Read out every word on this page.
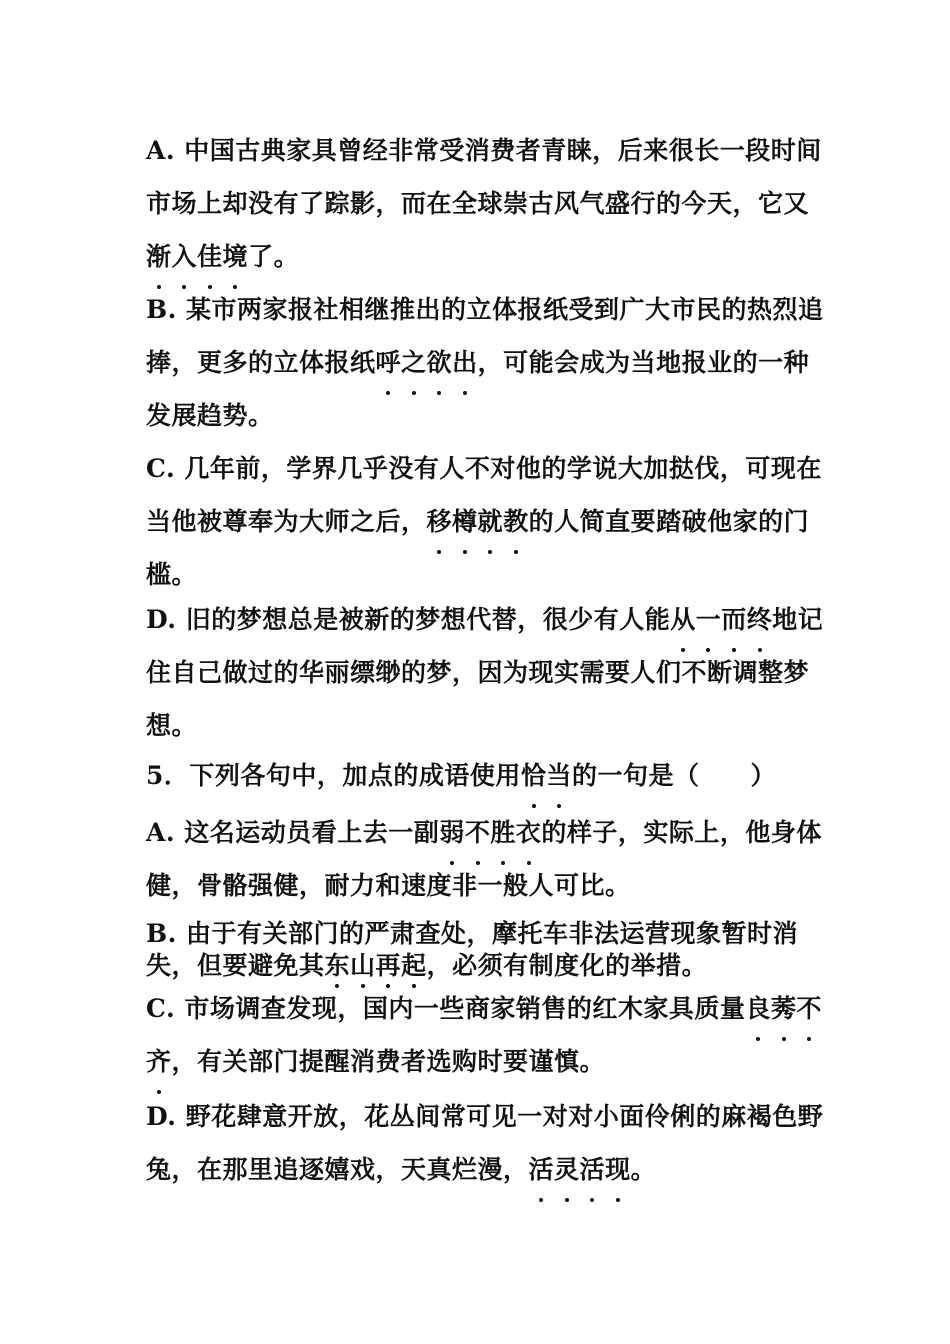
A. 中国古典家具曾经非常受消费者青睐，后来很长一段时间市场上却没有了踪影，而在全球崇古风气盛行的今天，它又渐入佳境了。

B. 某市两家报社相继推出的立体报纸受到广大市民的热烈追捧，更多的立体报纸呼之欲出，可能会成为当地报业的一种发展趋势。

C. 几年前，学界几乎没有人不对他的学说大加挞伐，可现在当他被尊奉为大师之后，移樽就教的人简直要踏破他家的门槛。

D. 旧的梦想总是被新的梦想代替，很少有人能从一而终地记住自己做过的华丽缥缈的梦，因为现实需要人们不断调整梦想。

5．下列各句中，加点的成语使用恰当的一句是（　　）

A. 这名运动员看上去一副弱不胜衣的样子，实际上，他身体健，骨骼强健，耐力和速度非一般人可比。

B. 由于有关部门的严肃查处，摩托车非法运营现象暂时消失，但要避免其东山再起，必须有制度化的举措。

C. 市场调查发现，国内一些商家销售的红木家具质量良莠不齐，有关部门提醒消费者选购时要谨慎。

D. 野花肆意开放，花丛间常可见一对对小面伶俐的麻褐色野兔，在那里追逐嬉戏，天真烂漫，活灵活现。
